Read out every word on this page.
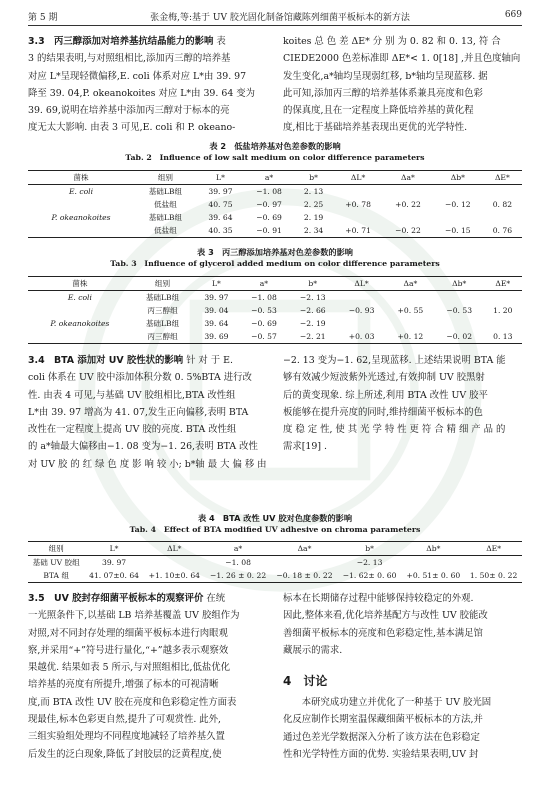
第 5 期	张金梅,等:基于 UV 胶光固化制备馆藏陈列细菌平板标本的新方法	669

3.3　丙三醇添加对培养基抗结晶能力的影响 表

3 的结果表明,与对照组相比,添加丙三醇的培养基

对应 L*呈现轻微偏移,E. coli 体系对应 L*由 39. 97

降至 39. 04,P. okeanokoites 对应 L*由 39. 64 变为

39. 69,说明在培养基中添加丙三醇对于标本的亮

度无太大影响. 由表 3 可见,E. coli 和 P. okeano-

koites 总 色 差 ΔE* 分 别 为 0. 82 和 0. 13, 符 合

CIEDE2000 色差标准即 ΔE*< 1. 0[18] ,并且色度轴向

发生变化,a*轴均呈现弱红移, b*轴均呈现蓝移. 据

此可知,添加丙三醇的培养基体系兼具亮度和色彩

的保真度,且在一定程度上降低培养基的黄化程

度,相比于基础培养基表现出更优的光学特性.

表 2　低盐培养基对色差参数的影响
Tab. 2　Influence of low salt medium on color difference parameters
菌株	组别	L*	a*	b*	ΔL*	Δa*	Δb*	ΔE*
E. coli	基础LB组	39. 97	−1. 08	2. 13				
	低盐组	40. 75	−0. 97	2. 25	+0. 78	+0. 22	−0. 12	0. 82
P. okeanokoites	基础LB组	39. 64	−0. 69	2. 19				
	低盐组	40. 35	−0. 91	2. 34	+0. 71	−0. 22	−0. 15	0. 76
表 3　丙三醇添加培养基对色差参数的影响
Tab. 3　Influence of glycerol added medium on color difference parameters
菌株	组别	L*	a*	b*	ΔL*	Δa*	Δb*	ΔE*
E. coli	基础LB组	39. 97	−1. 08	−2. 13				
	丙三醇组	39. 04	−0. 53	−2. 66	−0. 93	+0. 55	−0. 53	1. 20
P. okeanokoites	基础LB组	39. 64	−0. 69	−2. 19				
	丙三醇组	39. 69	−0. 57	−2. 21	+0. 03	+0. 12	−0. 02	0. 13

3.4　BTA 添加对 UV 胶性状的影响 针 对 于 E.

coli 体系在 UV 胶中添加体积分数 0. 5%BTA 进行改

性. 由表 4 可见,与基础 UV 胶组相比,BTA 改性组

L*由 39. 97 增高为 41. 07,发生正向偏移,表明 BTA

改性在一定程度上提高 UV 胶的亮度. BTA 改性组

的 a*轴最大偏移由−1. 08 变为−1. 26,表明 BTA 改性

对 UV 胶 的 红 绿 色 度 影 响 较 小; b*轴 最 大 偏 移 由

−2. 13 变为−1. 62,呈现蓝移. 上述结果说明 BTA 能

够有效减少短波紫外光透过,有效抑制 UV 胶黑射

后的黄变现象. 综上所述,利用 BTA 改性 UV 胶平

板能够在提升亮度的同时,维持细菌平板标本的色

度 稳 定 性, 使 其 光 学 特 性 更 符 合 精 细 产 品 的

需求[19] .

表 4　BTA 改性 UV 胶对色度参数的影响
Tab. 4　Effect of BTA modified UV adhesive on chroma parameters
组别	L*	ΔL*	a*	Δa*	b*	Δb*	ΔE*
基础 UV 胶组	39. 97		−1. 08		−2. 13		
BTA 组	41. 07±0. 64	+1. 10±0. 64	−1. 26 ± 0. 22	−0. 18 ± 0. 22	−1. 62± 0. 60	+0. 51± 0. 60	1. 50± 0. 22

3.5　UV 胶封存细菌平板标本的观察评价 在统

一光照条件下,以基础 LB 培养基覆盖 UV 胶组作为

对照,对不同封存处理的细菌平板标本进行肉眼观

察,并采用“+”符号进行量化,“+”越多表示观察效

果越优. 结果如表 5 所示,与对照组相比,低盐优化

培养基的亮度有所提升,增强了标本的可视清晰

度,而 BTA 改性 UV 胶在亮度和色彩稳定性方面表

现最佳,标本色彩更自然,提升了可观赏性. 此外,

三组实验组处理均不同程度地减轻了培养基久置

后发生的泛白现象,降低了封胶层的泛黄程度,使

标本在长期储存过程中能够保持较稳定的外观.

因此,整体来看,优化培养基配方与改性 UV 胶能改

善细菌平板标本的亮度和色彩稳定性,基本满足馆

藏展示的需求.

4　讨论

本研究成功建立并优化了一种基于 UV 胶光固

化反应制作长期室温保藏细菌平板标本的方法,并

通过色差光学数据深入分析了该方法在色彩稳定

性和光学特性方面的优势. 实验结果表明,UV 封
